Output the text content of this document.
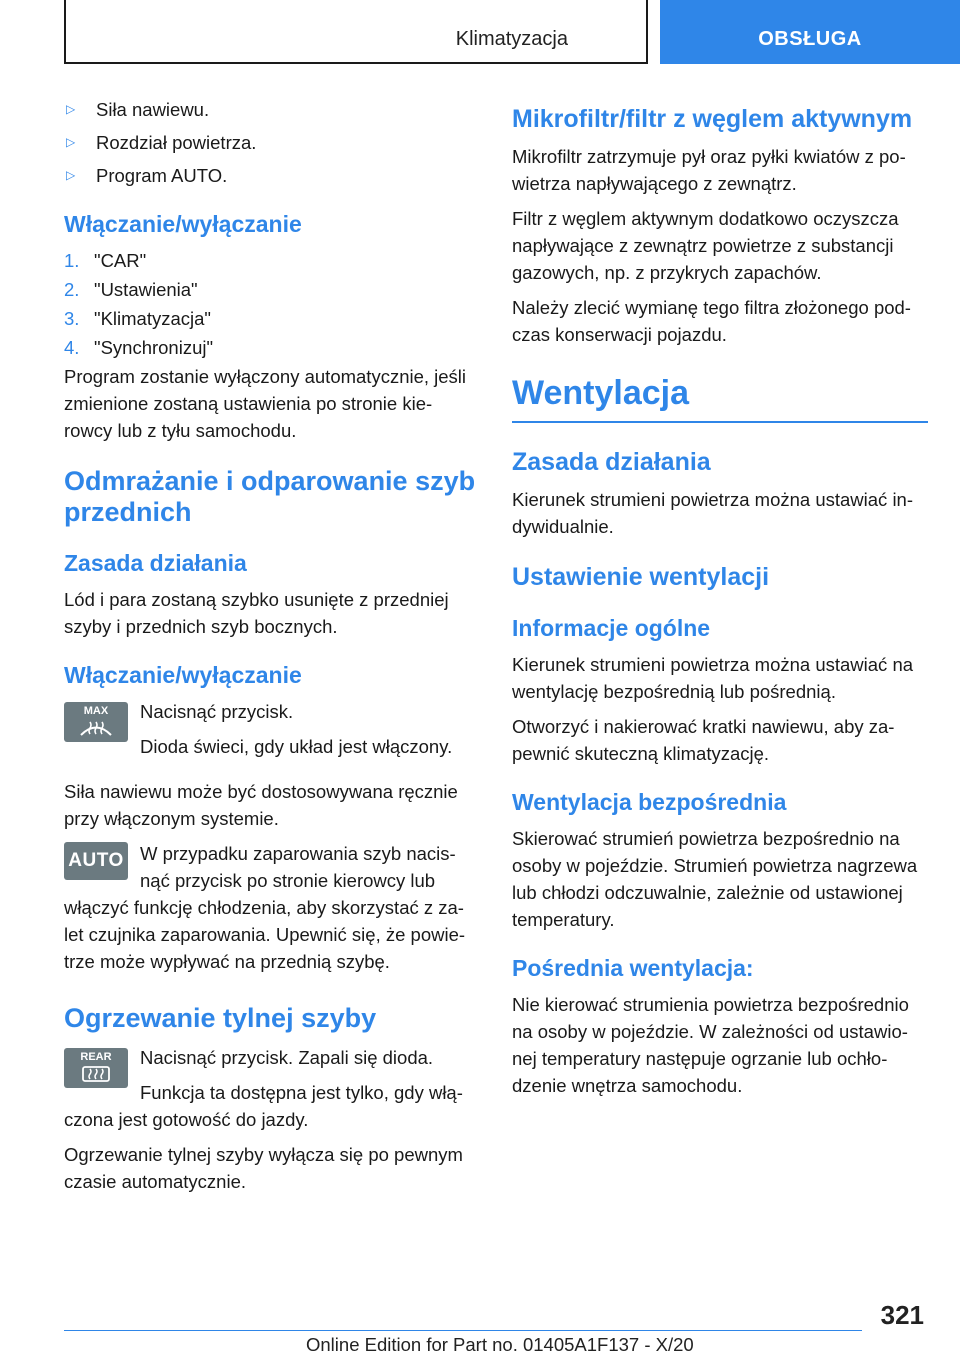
Klimatyzacja	OBSŁUGA
▷	Siła nawiewu.
▷	Rozdział powietrza.
▷	Program AUTO.
Włączanie/wyłączanie
1. "CAR"
2. "Ustawienia"
3. "Klimatyzacja"
4. "Synchronizuj"

Program zostanie wyłączony automatycznie, jeśli zmienione zostaną ustawienia po stronie kie-rowcy lub z tyłu samochodu.

Odmrażanie i odparowanie szyb przednich
Zasada działania

Lód i para zostaną szybko usunięte z przedniej szyby i przednich szyb bocznych.

Włączanie/wyłączanie
MAX	Nacisnąć przycisk.

Dioda świeci, gdy układ jest włączony.

Siła nawiewu może być dostosowywana ręcznie przy włączonym systemie.

AUTO W przypadku zaparowania szyb nacis-nąć przycisk po stronie kierowcy lub włączyć funkcję chłodzenia, aby skorzystać z za-let czujnika zaparowania. Upewnić się, że powie-trze może wypływać na przednią szybę.

Ogrzewanie tylnej szyby
REAR	Nacisnąć przycisk. Zapali się dioda.

Funkcja ta dostępna jest tylko, gdy włą-czona jest gotowość do jazdy.

Ogrzewanie tylnej szyby wyłącza się po pewnym czasie automatycznie.

Mikrofiltr/filtr z węglem aktywnym

Mikrofiltr zatrzymuje pył oraz pyłki kwiatów z po-wietrza napływającego z zewnątrz.

Filtr z węglem aktywnym dodatkowo oczyszcza napływające z zewnątrz powietrze z substancji gazowych, np. z przykrych zapachów.

Należy zlecić wymianę tego filtra złożonego pod-czas konserwacji pojazdu.

Wentylacja
Zasada działania

Kierunek strumieni powietrza można ustawiać in-dywidualnie.

Ustawienie wentylacji
Informacje ogólne

Kierunek strumieni powietrza można ustawiać na wentylację bezpośrednią lub pośrednią.

Otworzyć i nakierować kratki nawiewu, aby za-pewnić skuteczną klimatyzację.

Wentylacja bezpośrednia

Skierować strumień powietrza bezpośrednio na osoby w pojeździe. Strumień powietrza nagrzewa lub chłodzi odczuwalnie, zależnie od ustawionej temperatury.

Pośrednia wentylacja:

Nie kierować strumienia powietrza bezpośrednio na osoby w pojeździe. W zależności od ustawio-nej temperatury następuje ogrzanie lub ochło-dzenie wnętrza samochodu.

321
Online Edition for Part no. 01405A1F137 - X/20
